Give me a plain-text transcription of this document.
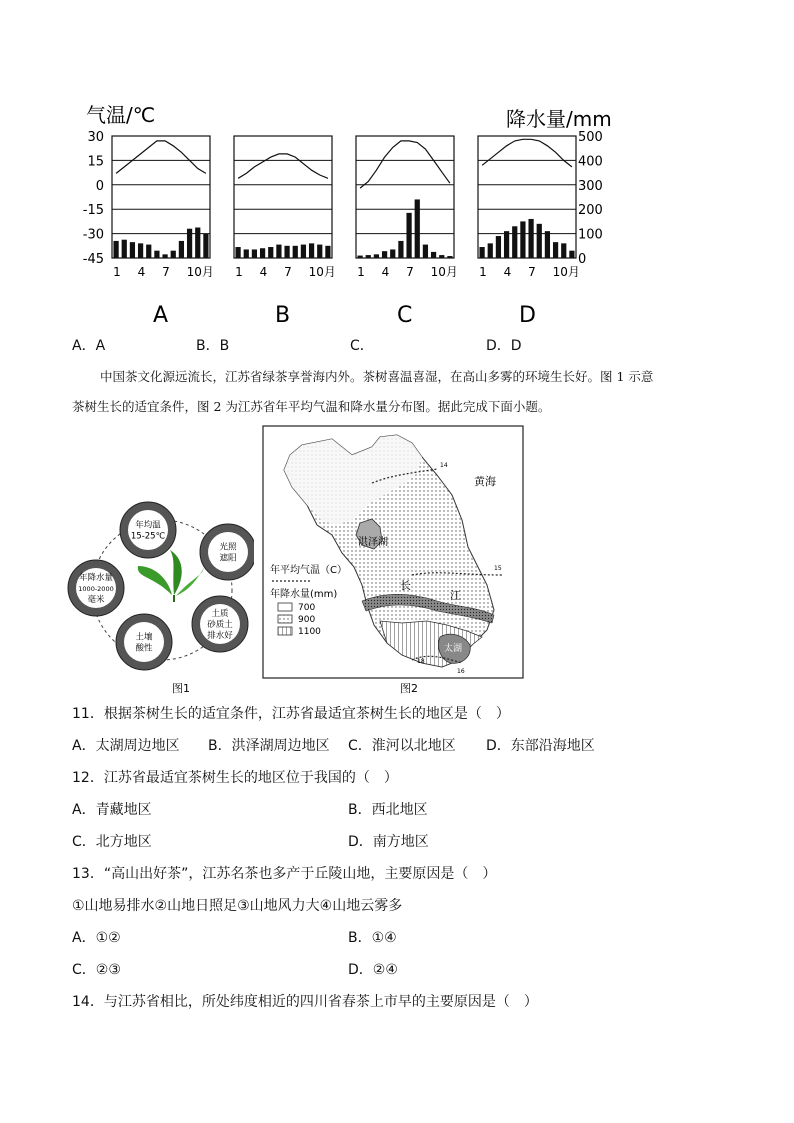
气温/℃	降水量/mm
30
15
0
-15
-30
-45
500
400
300
200
100
0
1 4 7 10月 1 4 7 10月 1 4 7 10月 1 4 7 10月
A	B	C	D
A．A	B．B	C．	D．D
中国茶文化源远流长，江苏省绿茶享誉海内外。茶树喜温喜湿，在高山多雾的环境生长好。图 1 示意
茶树生长的适宜条件，图 2 为江苏省年平均气温和降水量分布图。据此完成下面小题。
年均温
15-25℃
光照
遮阳
土质
砂质土
排水好
土壤
酸性
年降水量
1000-2000
毫米
图1
14
15
16
18
黄海
洪泽湖
太湖
长
江
年平均气温（C）
年降水量(mm)
700
900
1100
图2
11．根据茶树生长的适宜条件，江苏省最适宜茶树生长的地区是（　）
A．太湖周边地区 B．洪泽湖周边地区 C．淮河以北地区 D．东部沿海地区
12．江苏省最适宜茶树生长的地区位于我国的（　）
A．青藏地区	B．西北地区
C．北方地区	D．南方地区
13．“高山出好茶”，江苏名茶也多产于丘陵山地，主要原因是（　）
①山地易排水②山地日照足③山地风力大④山地云雾多
A．①②	B．①④
C．②③	D．②④
14．与江苏省相比，所处纬度相近的四川省春茶上市早的主要原因是（　）
